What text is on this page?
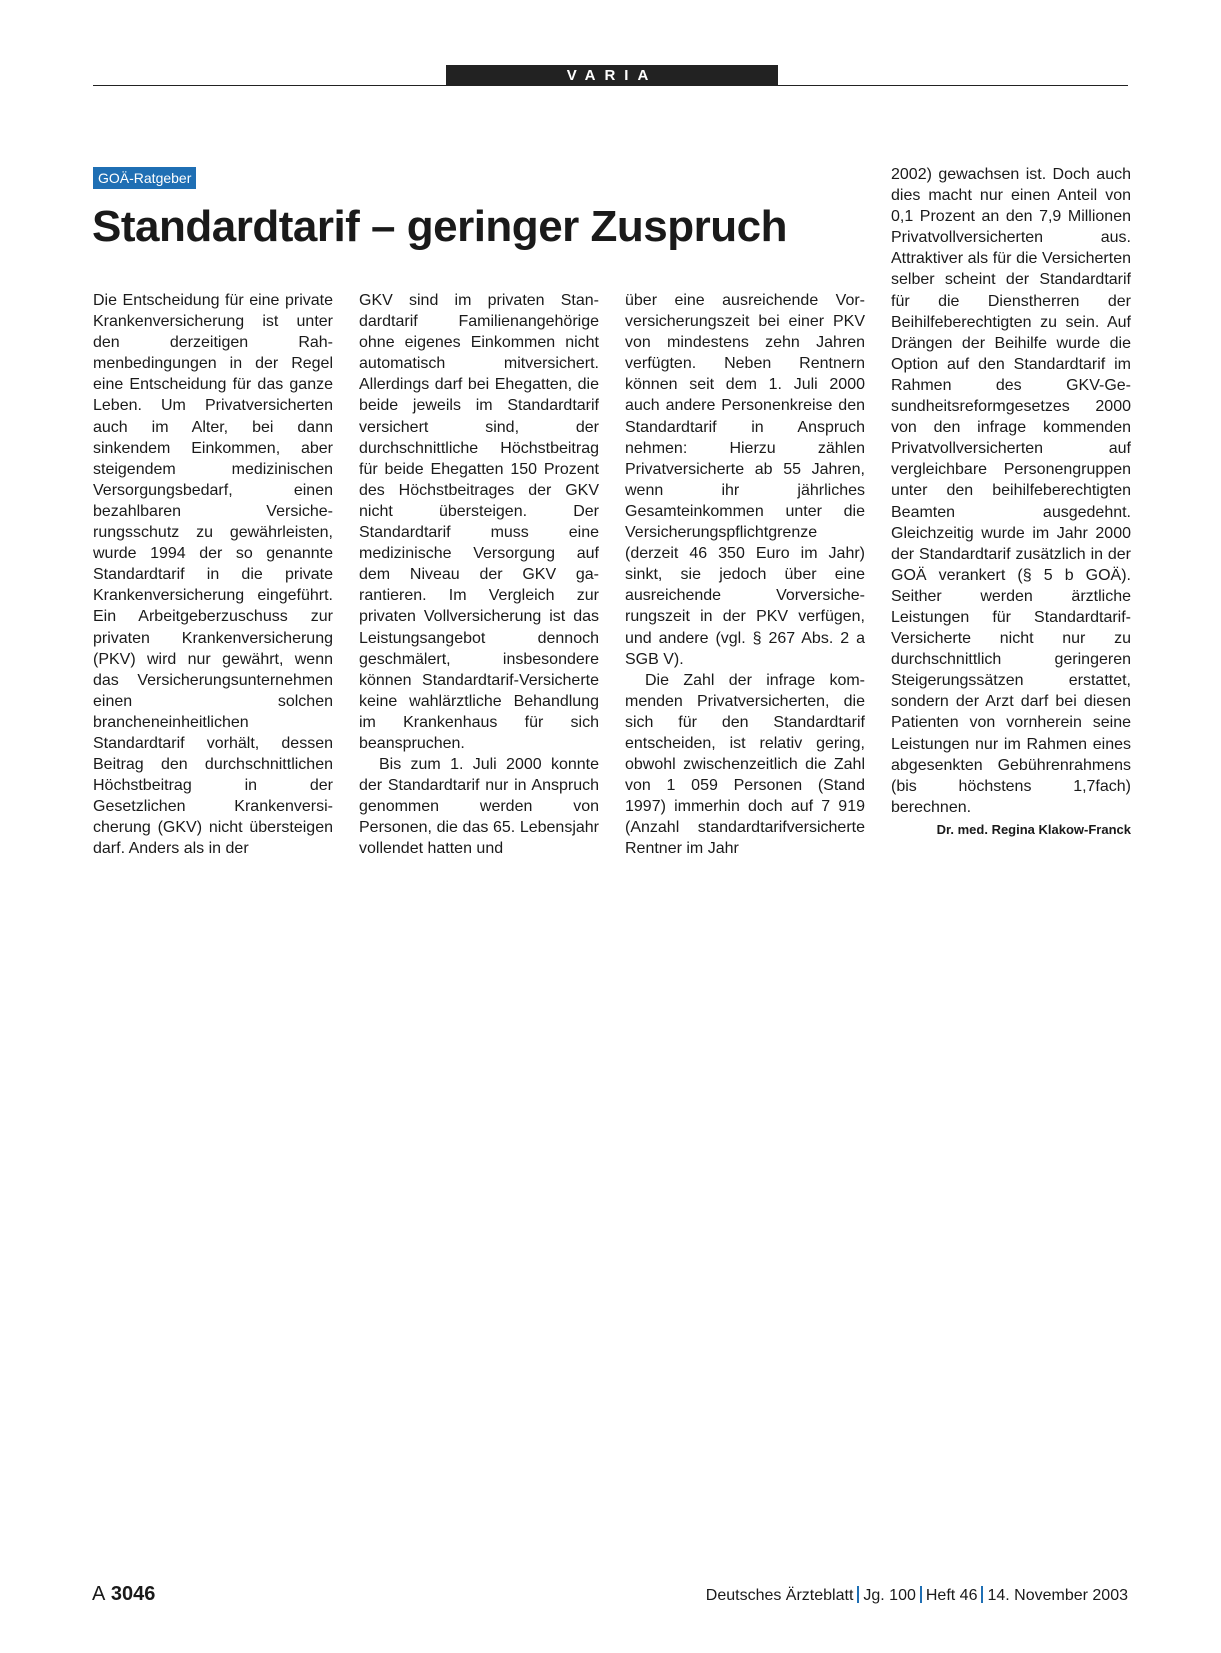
VARIA
GOÄ-Ratgeber
Standardtarif – geringer Zuspruch

Die Entscheidung für eine private Krankenversicherung ist unter den derzeitigen Rahmenbedingungen in der Regel eine Entscheidung für das ganze Leben. Um Privatversicherten auch im Alter, bei dann sinkendem Einkommen, aber steigendem medizinischen Versorgungsbedarf, einen bezahlbaren Versicherungsschutz zu gewährleisten, wurde 1994 der so genannte Standardtarif in die private Krankenversicherung eingeführt. Ein Arbeitgeberzuschuss zur privaten Krankenversicherung (PKV) wird nur gewährt, wenn das Versicherungsunternehmen einen solchen brancheneinheitlichen Standardtarif vorhält, dessen Beitrag den durchschnittlichen Höchstbeitrag in der Gesetzlichen Krankenversicherung (GKV) nicht übersteigen darf. Anders als in der

GKV sind im privaten Standardtarif Familienangehörige ohne eigenes Einkommen nicht automatisch mitversichert. Allerdings darf bei Ehegatten, die beide jeweils im Standardtarif versichert sind, der durchschnittliche Höchstbeitrag für beide Ehegatten 150 Prozent des Höchstbeitrages der GKV nicht übersteigen. Der Standardtarif muss eine medizinische Versorgung auf dem Niveau der GKV garantieren. Im Vergleich zur privaten Vollversicherung ist das Leistungsangebot dennoch geschmälert, insbesondere können Standardtarif-Versicherte keine wahlärztliche Behandlung im Krankenhaus für sich beanspruchen.

Bis zum 1. Juli 2000 konnte der Standardtarif nur in Anspruch genommen werden von Personen, die das 65. Lebensjahr vollendet hatten und

über eine ausreichende Vorversicherungszeit bei einer PKV von mindestens zehn Jahren verfügten. Neben Rentnern können seit dem 1. Juli 2000 auch andere Personenkreise den Standardtarif in Anspruch nehmen: Hierzu zählen Privatversicherte ab 55 Jahren, wenn ihr jährliches Gesamteinkommen unter die Versicherungspflichtgrenze (derzeit 46 350 Euro im Jahr) sinkt, sie jedoch über eine ausreichende Vorversicherungszeit in der PKV verfügen, und andere (vgl. § 267 Abs. 2 a SGB V).

Die Zahl der infrage kommenden Privatversicherten, die sich für den Standardtarif entscheiden, ist relativ gering, obwohl zwischenzeitlich die Zahl von 1 059 Personen (Stand 1997) immerhin doch auf 7 919 (Anzahl standardtarifversicherte Rentner im Jahr

2002) gewachsen ist. Doch auch dies macht nur einen Anteil von 0,1 Prozent an den 7,9 Millionen Privatvollversicherten aus. Attraktiver als für die Versicherten selber scheint der Standardtarif für die Dienstherren der Beihilfeberechtigten zu sein. Auf Drängen der Beihilfe wurde die Option auf den Standardtarif im Rahmen des GKV-Gesundheitsreformgesetzes 2000 von den infrage kommenden Privatvollversicherten auf vergleichbare Personengruppen unter den beihilfeberechtigten Beamten ausgedehnt. Gleichzeitig wurde im Jahr 2000 der Standardtarif zusätzlich in der GOÄ verankert (§ 5 b GOÄ). Seither werden ärztliche Leistungen für Standardtarif-Versicherte nicht nur zu durchschnittlich geringeren Steigerungssätzen erstattet, sondern der Arzt darf bei diesen Patienten von vornherein seine Leistungen nur im Rahmen eines abgesenkten Gebührenrahmens (bis höchstens 1,7fach) berechnen.

Dr. med. Regina Klakow-Franck
A 3046	Deutsches Ärzteblatt Jg. 100 Heft 46 14. November 2003
